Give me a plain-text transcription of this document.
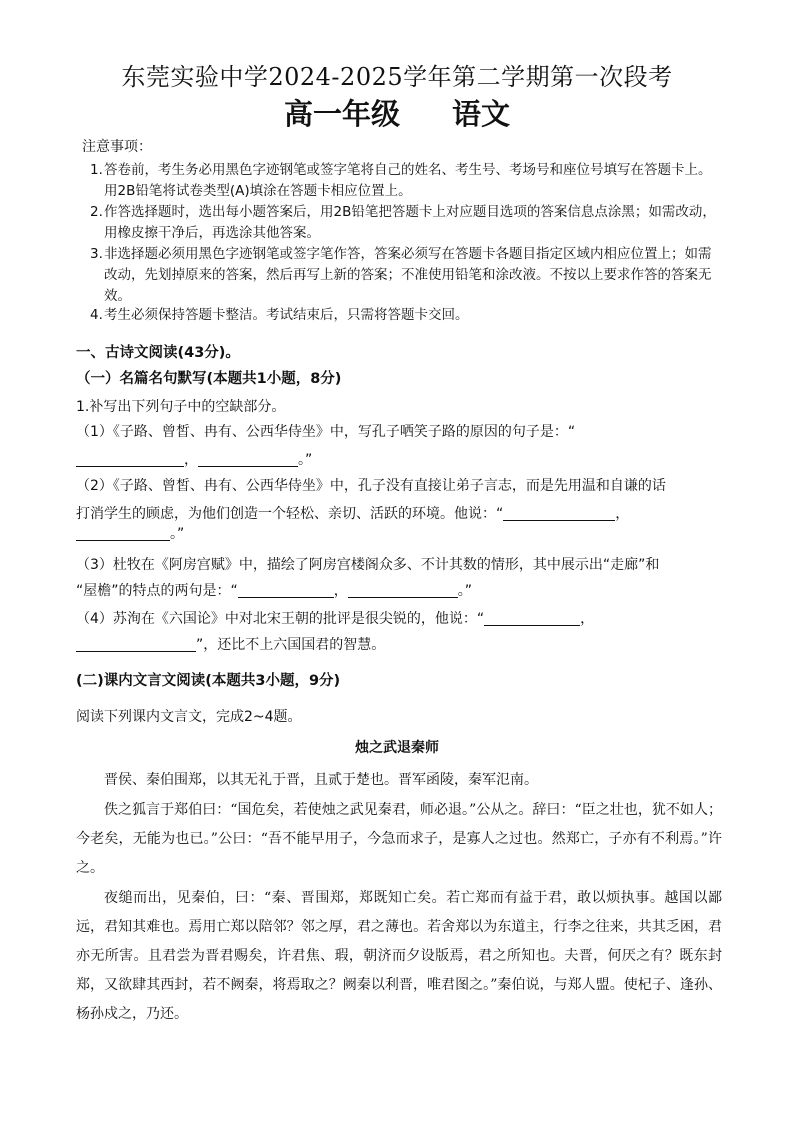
东莞实验中学2024-2025学年第二学期第一次段考
高一年级 语文
注意事项：
1.答卷前，考生务必用黑色字迹钢笔或签字笔将自己的姓名、考生号、考场号和座位号填写在答题卡上。用2B铅笔将试卷类型(A)填涂在答题卡相应位置上。
2.作答选择题时，选出每小题答案后，用2B铅笔把答题卡上对应题目选项的答案信息点涂黑；如需改动，用橡皮擦干净后，再选涂其他答案。
3.非选择题必须用黑色字迹钢笔或签字笔作答，答案必须写在答题卡各题目指定区域内相应位置上；如需改动，先划掉原来的答案，然后再写上新的答案；不准使用铅笔和涂改液。不按以上要求作答的答案无效。
4.考生必须保持答题卡整洁。考试结束后，只需将答题卡交回。
一、古诗文阅读(43分)。
（一）名篇名句默写(本题共1小题，8分)
1.补写出下列句子中的空缺部分。
（1）《子路、曾皙、冉有、公西华侍坐》中，写孔子哂笑子路的原因的句子是：“
，	。”
（2）《子路、曾皙、冉有、公西华侍坐》中，孔子没有直接让弟子言志，而是先用温和自谦的话
打消学生的顾虑，为他们创造一个轻松、亲切、活跃的环境。他说：“	，
。”
（3）杜牧在《阿房宫赋》中，描绘了阿房宫楼阁众多、不计其数的情形，其中展示出“走廊”和
“屋檐”的特点的两句是：“	，	。”
（4）苏洵在《六国论》中对北宋王朝的批评是很尖锐的，他说：“	，
”，还比不上六国国君的智慧。
(二)课内文言文阅读(本题共3小题，9分)
阅读下列课内文言文，完成2~4题。
烛之武退秦师
晋侯、秦伯围郑，以其无礼于晋，且贰于楚也。晋军函陵，秦军氾南。
佚之狐言于郑伯曰：“国危矣，若使烛之武见秦君，师必退。”公从之。辞曰：“臣之壮也，犹不如人；今老矣，无能为也已。”公曰：“吾不能早用子，今急而求子，是寡人之过也。然郑亡，子亦有不利焉。”许之。
夜缒而出，见秦伯，曰：“秦、晋围郑，郑既知亡矣。若亡郑而有益于君，敢以烦执事。越国以鄙远，君知其难也。焉用亡郑以陪邻？邻之厚，君之薄也。若舍郑以为东道主，行李之往来，共其乏困，君亦无所害。且君尝为晋君赐矣，许君焦、瑕，朝济而夕设版焉，君之所知也。夫晋，何厌之有？既东封郑，又欲肆其西封，若不阙秦，将焉取之？阙秦以利晋，唯君图之。”秦伯说，与郑人盟。使杞子、逢孙、杨孙戍之，乃还。
